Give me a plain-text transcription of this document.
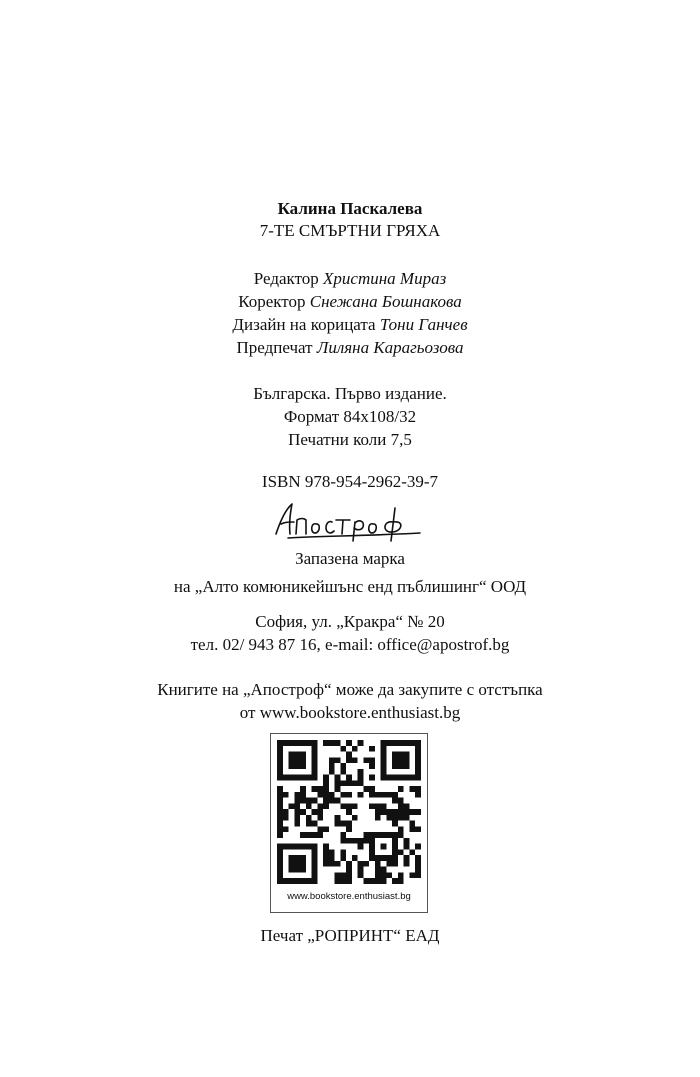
Калина Паскалева
7-ТЕ СМЪРТНИ ГРЯХА
Редактор Христина Мираз
Коректор Снежана Бошнакова
Дизайн на корицата Тони Ганчев
Предпечат Лиляна Карагьозова
Българска. Първо издание.
Формат 84х108/32
Печатни коли 7,5
ISBN 978-954-2962-39-7
Запазена марка
на „Алто комюникейшънс енд пъблишинг“ ООД
София, ул. „Кракра“ № 20
тел. 02/ 943 87 16, e-mail: office@apostrof.bg
Книгите на „Апостроф“ може да закупите с отстъпка
от www.bookstore.enthusiast.bg
www.bookstore.enthusiast.bg
Печат „РОПРИНТ“ ЕАД
